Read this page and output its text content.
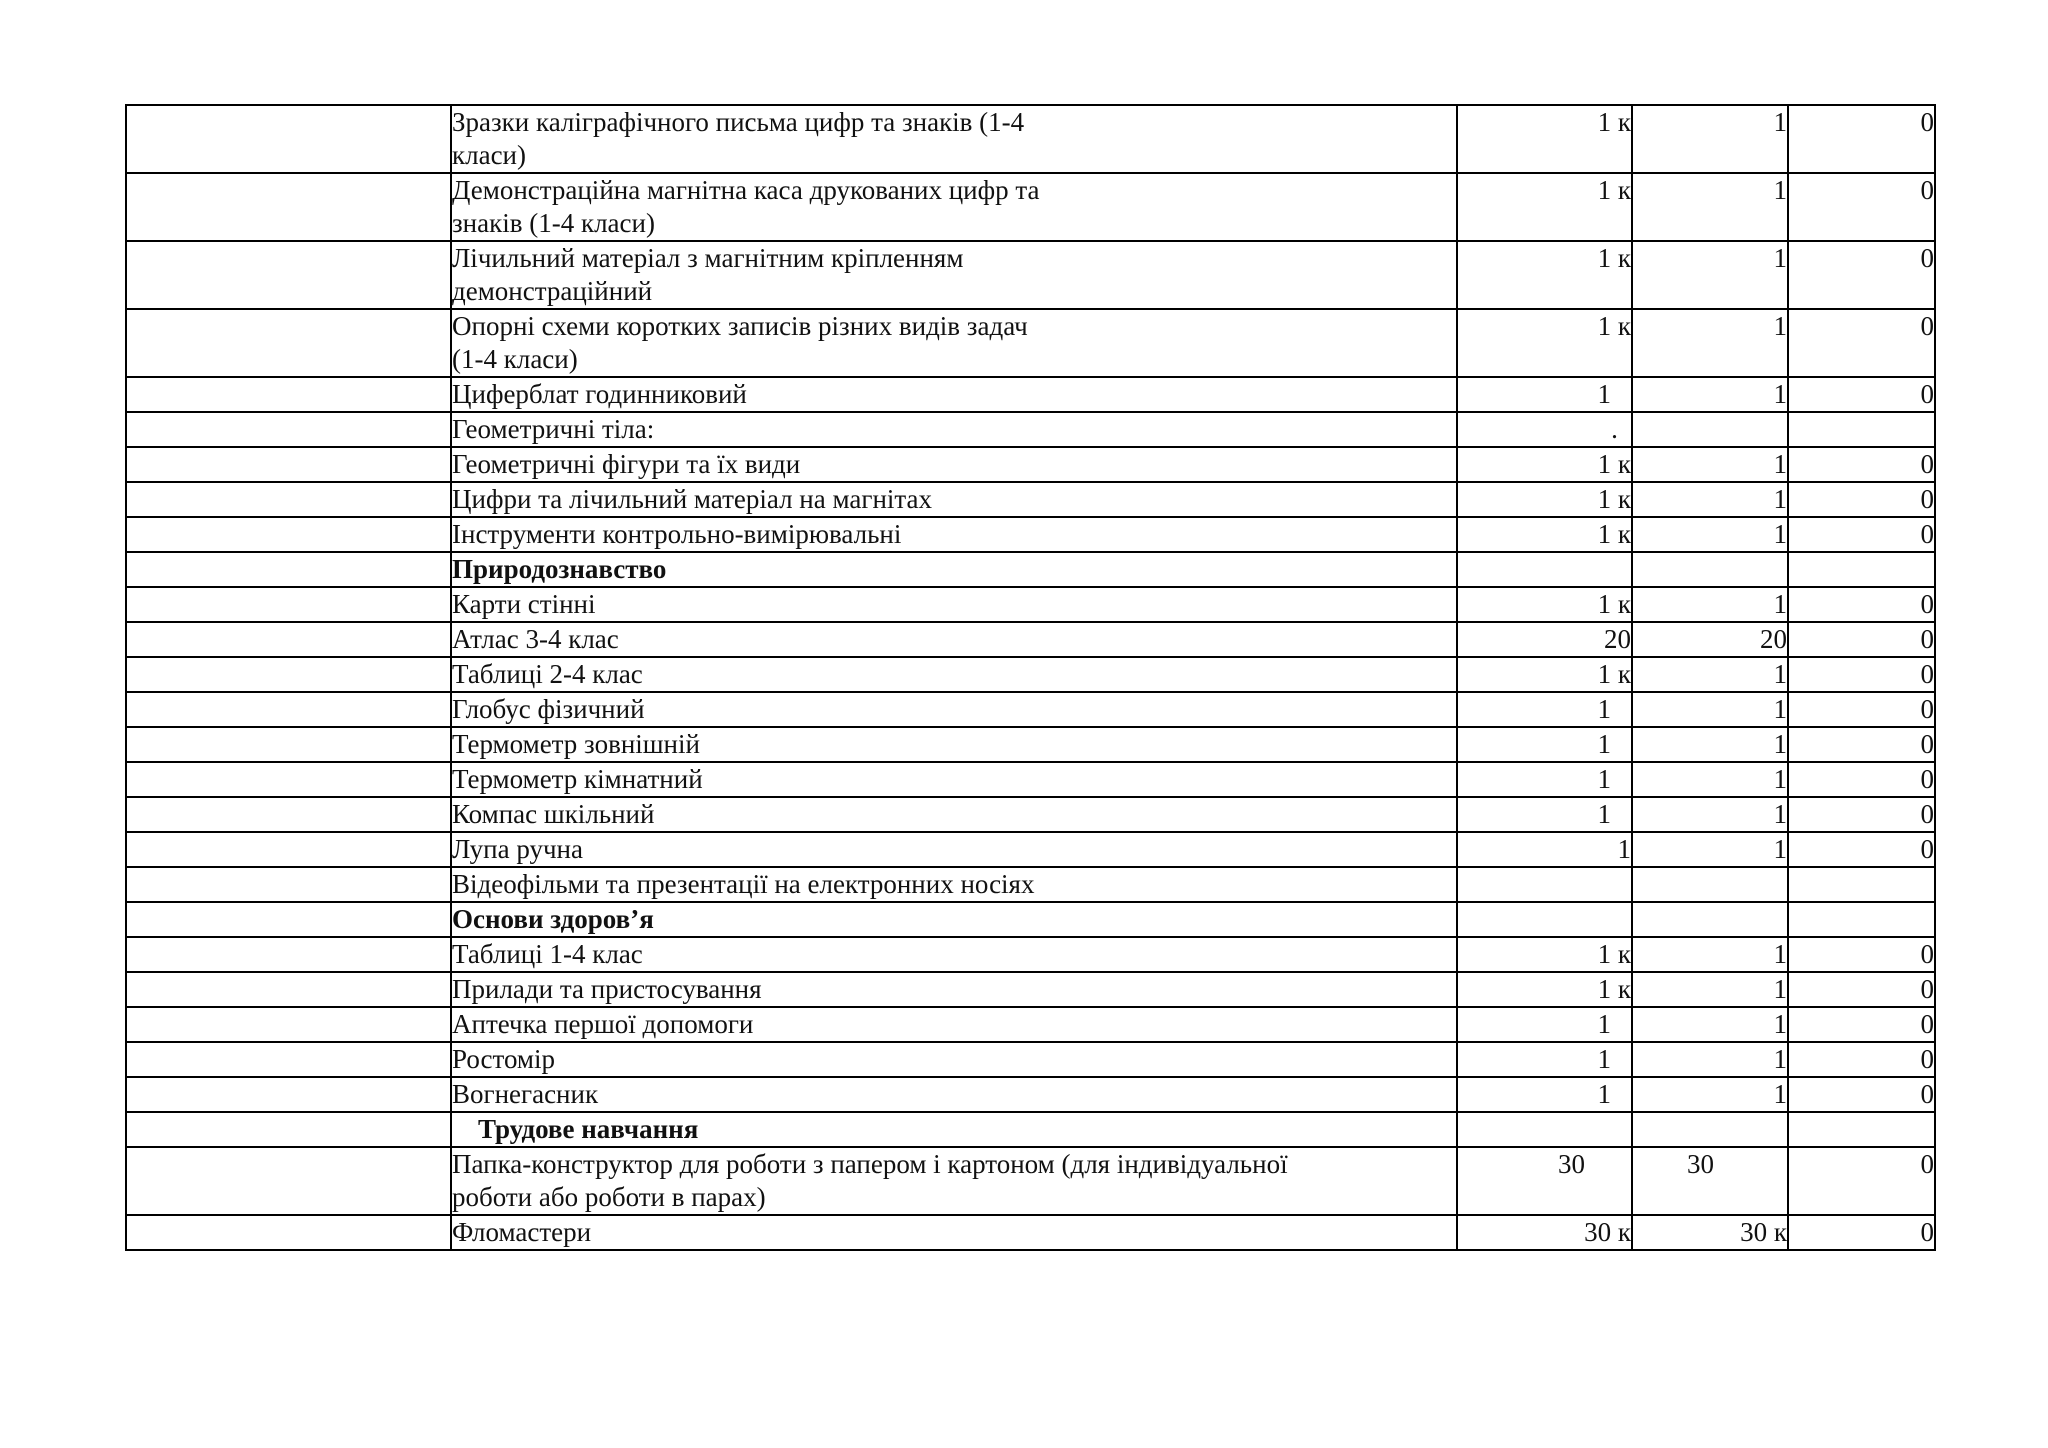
	Зразки каліграфічного письма цифр та знаків (1-4
класи)	1 к	1	0

	Демонстраційна магнітна каса друкованих цифр та
знаків (1-4 класи)	1 к	1	0

	Лічильний матеріал з магнітним кріпленням
демонстраційний	1 к	1	0

	Опорні схеми коротких записів різних видів задач
(1-4 класи)	1 к	1	0
	Циферблат годинниковий	1	1	0
	Геометричні тіла:	.		
	Геометричні фігури та їх види	1 к	1	0
	Цифри та лічильний матеріал на магнітах	1 к	1	0
	Інструменти контрольно-вимірювальні	1 к	1	0
	Природознавство			
	Карти стінні	1 к	1	0
	Атлас 3-4 клас	20	20	0
	Таблиці 2-4 клас	1 к	1	0
	Глобус фізичний	1	1	0
	Термометр зовнішній	1	1	0
	Термометр кімнатний	1	1	0
	Компас шкільний	1	1	0
	Лупа ручна	1	1	0
	Відеофільми та презентації на електронних носіях			
	Основи здоров’я			
	Таблиці 1-4 клас	1 к	1	0
	Прилади та пристосування	1 к	1	0
	Аптечка першої допомоги	1	1	0
	Ростомір	1	1	0
	Вогнегасник	1	1	0
	Трудове навчання			

	Папка-конструктор для роботи з папером і картоном (для індивідуальної
роботи або роботи в парах)	30	30	0
	Фломастери	30 к	30 к	0
